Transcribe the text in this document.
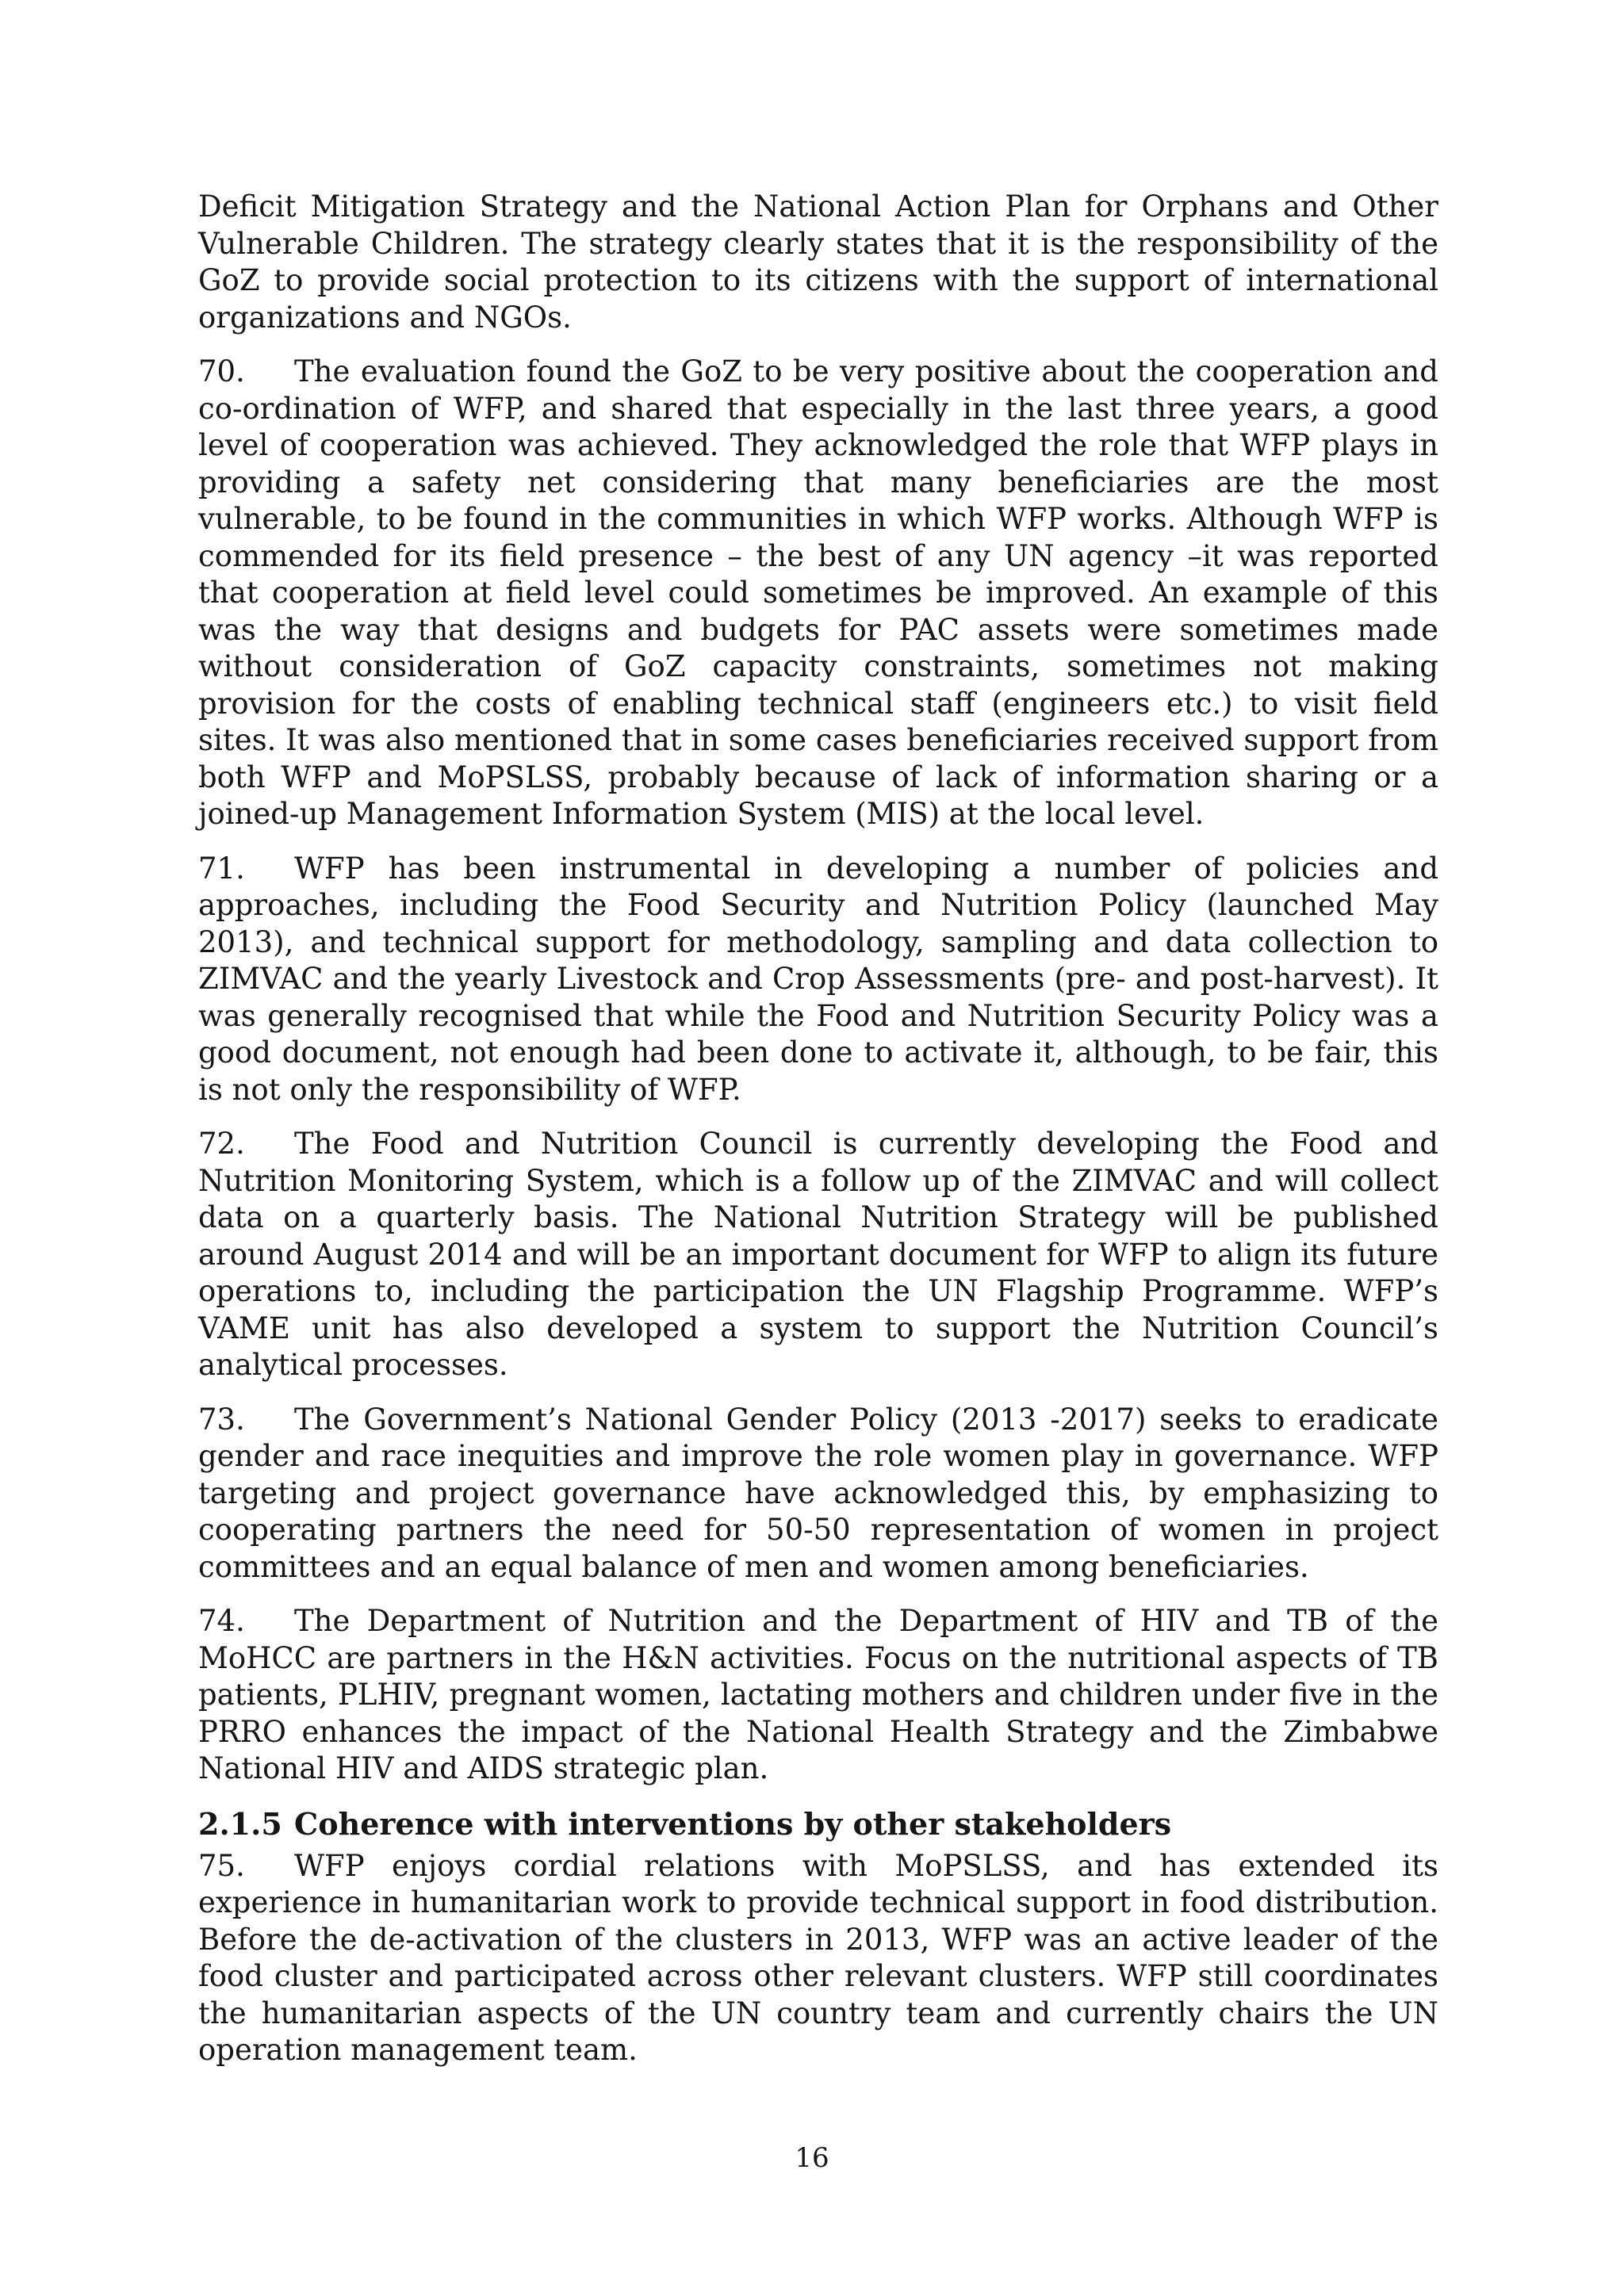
Deficit Mitigation Strategy and the National Action Plan for Orphans and Other Vulnerable Children. The strategy clearly states that it is the responsibility of the GoZ to provide social protection to its citizens with the support of international organizations and NGOs.

70. The evaluation found the GoZ to be very positive about the cooperation and co-ordination of WFP, and shared that especially in the last three years, a good level of cooperation was achieved. They acknowledged the role that WFP plays in providing a safety net considering that many beneficiaries are the most vulnerable, to be found in the communities in which WFP works. Although WFP is commended for its field presence – the best of any UN agency –it was reported that cooperation at field level could sometimes be improved. An example of this was the way that designs and budgets for PAC assets were sometimes made without consideration of GoZ capacity constraints, sometimes not making provision for the costs of enabling technical staff (engineers etc.) to visit field sites. It was also mentioned that in some cases beneficiaries received support from both WFP and MoPSLSS, probably because of lack of information sharing or a joined-up Management Information System (MIS) at the local level.

71. WFP has been instrumental in developing a number of policies and approaches, including the Food Security and Nutrition Policy (launched May 2013), and technical support for methodology, sampling and data collection to ZIMVAC and the yearly Livestock and Crop Assessments (pre- and post-harvest). It was generally recognised that while the Food and Nutrition Security Policy was a good document, not enough had been done to activate it, although, to be fair, this is not only the responsibility of WFP.

72. The Food and Nutrition Council is currently developing the Food and Nutrition Monitoring System, which is a follow up of the ZIMVAC and will collect data on a quarterly basis. The National Nutrition Strategy will be published around August 2014 and will be an important document for WFP to align its future operations to, including the participation the UN Flagship Programme. WFP’s VAME unit has also developed a system to support the Nutrition Council’s analytical processes.

73. The Government’s National Gender Policy (2013 -2017) seeks to eradicate gender and race inequities and improve the role women play in governance. WFP targeting and project governance have acknowledged this, by emphasizing to cooperating partners the need for 50-50 representation of women in project committees and an equal balance of men and women among beneficiaries.

74. The Department of Nutrition and the Department of HIV and TB of the MoHCC are partners in the H&N activities. Focus on the nutritional aspects of TB patients, PLHIV, pregnant women, lactating mothers and children under five in the PRRO enhances the impact of the National Health Strategy and the Zimbabwe National HIV and AIDS strategic plan.

2.1.5 Coherence with interventions by other stakeholders

75. WFP enjoys cordial relations with MoPSLSS, and has extended its experience in humanitarian work to provide technical support in food distribution. Before the de-activation of the clusters in 2013, WFP was an active leader of the food cluster and participated across other relevant clusters. WFP still coordinates the humanitarian aspects of the UN country team and currently chairs the UN operation management team.

16
